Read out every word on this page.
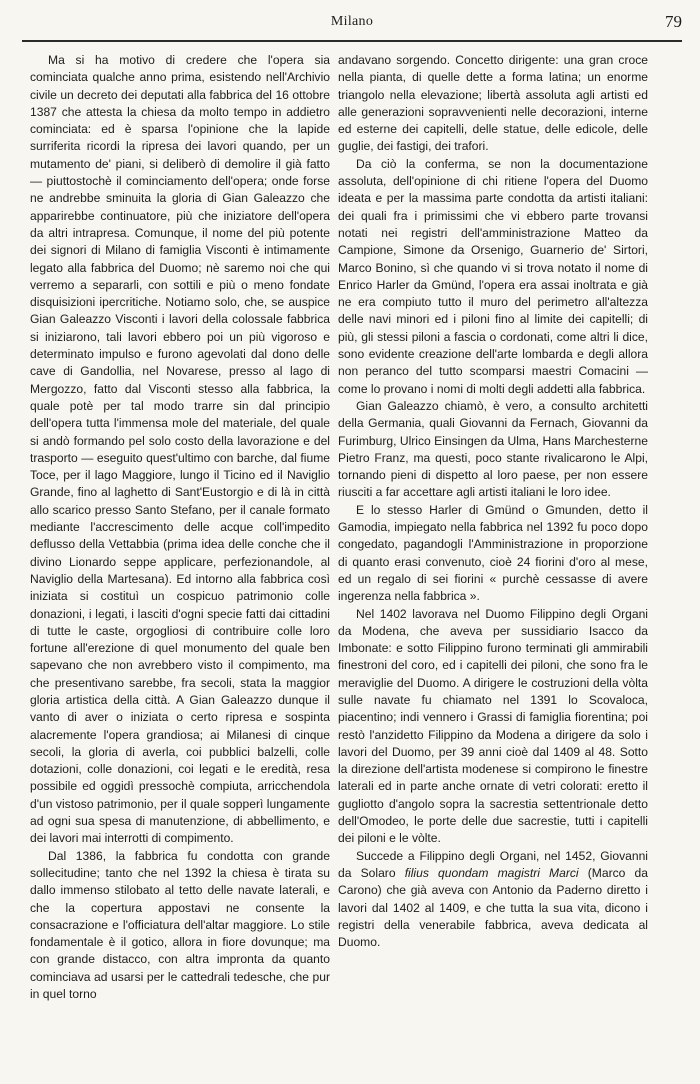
Milano	79

Ma si ha motivo di credere che l'opera sia cominciata qualche anno prima, esistendo nell'Archivio civile un decreto dei deputati alla fabbrica del 16 ottobre 1387 che attesta la chiesa da molto tempo in addietro cominciata: ed è sparsa l'opinione che la lapide surriferita ricordi la ripresa dei lavori quando, per un mutamento de' piani, si deliberò di demolire il già fatto — piuttostochè il cominciamento dell'opera; onde forse ne andrebbe sminuita la gloria di Gian Galeazzo che apparirebbe continuatore, più che iniziatore dell'opera da altri intrapresa. Comunque, il nome del più potente dei signori di Milano di famiglia Visconti è intimamente legato alla fabbrica del Duomo; nè saremo noi che qui verremo a separarli, con sottili e più o meno fondate disquisizioni ipercritiche. Notiamo solo, che, se auspice Gian Galeazzo Visconti i lavori della colossale fabbrica si iniziarono, tali lavori ebbero poi un più vigoroso e determinato impulso e furono agevolati dal dono delle cave di Gandollia, nel Novarese, presso al lago di Mergozzo, fatto dal Visconti stesso alla fabbrica, la quale potè per tal modo trarre sin dal principio dell'opera tutta l'immensa mole del materiale, del quale si andò formando pel solo costo della lavorazione e del trasporto — eseguito quest'ultimo con barche, dal fiume Toce, per il lago Maggiore, lungo il Ticino ed il Naviglio Grande, fino al laghetto di Sant'Eustorgio e di là in città allo scarico presso Santo Stefano, per il canale formato mediante l'accrescimento delle acque coll'impedito deflusso della Vettabbia (prima idea delle conche che il divino Lionardo seppe applicare, perfezionandole, al Naviglio della Martesana). Ed intorno alla fabbrica così iniziata si costituì un cospicuo patrimonio colle donazioni, i legati, i lasciti d'ogni specie fatti dai cittadini di tutte le caste, orgogliosi di contribuire colle loro fortune all'erezione di quel monumento del quale ben sapevano che non avrebbero visto il compimento, ma che presentivano sarebbe, fra secoli, stata la maggior gloria artistica della città. A Gian Galeazzo dunque il vanto di aver o iniziata o certo ripresa e sospinta alacremente l'opera grandiosa; ai Milanesi di cinque secoli, la gloria di averla, coi pubblici balzelli, colle dotazioni, colle donazioni, coi legati e le eredità, resa possibile ed oggidì pressochè compiuta, arricchendola d'un vistoso patrimonio, per il quale sopperì lungamente ad ogni sua spesa di manutenzione, di abbellimento, e dei lavori mai interrotti di compimento.

Dal 1386, la fabbrica fu condotta con grande sollecitudine; tanto che nel 1392 la chiesa è tirata su dallo immenso stilobato al tetto delle navate laterali, e che la copertura appostavi ne consente la consacrazione e l'officiatura dell'altar maggiore. Lo stile fondamentale è il gotico, allora in fiore dovunque; ma con grande distacco, con altra impronta da quanto cominciava ad usarsi per le cattedrali tedesche, che pur in quel torno

andavano sorgendo. Concetto dirigente: una gran croce nella pianta, di quelle dette a forma latina; un enorme triangolo nella elevazione; libertà assoluta agli artisti ed alle generazioni sopravvenienti nelle decorazioni, interne ed esterne dei capitelli, delle statue, delle edicole, delle guglie, dei fastigi, dei trafori.

Da ciò la conferma, se non la documentazione assoluta, dell'opinione di chi ritiene l'opera del Duomo ideata e per la massima parte condotta da artisti italiani: dei quali fra i primissimi che vi ebbero parte trovansi notati nei registri dell'amministrazione Matteo da Campione, Simone da Orsenigo, Guarnerio de' Sirtori, Marco Bonino, sì che quando vi si trova notato il nome di Enrico Harler da Gmünd, l'opera era assai inoltrata e già ne era compiuto tutto il muro del perimetro all'altezza delle navi minori ed i piloni fino al limite dei capitelli; di più, gli stessi piloni a fascia o cordonati, come altri li dice, sono evidente creazione dell'arte lombarda e degli allora non peranco del tutto scomparsi maestri Comacini — come lo provano i nomi di molti degli addetti alla fabbrica.

Gian Galeazzo chiamò, è vero, a consulto architetti della Germania, quali Giovanni da Fernach, Giovanni da Furimburg, Ulrico Einsingen da Ulma, Hans Marchesterne Pietro Franz, ma questi, poco stante rivalicarono le Alpi, tornando pieni di dispetto al loro paese, per non essere riusciti a far accettare agli artisti italiani le loro idee.

E lo stesso Harler di Gmünd o Gmunden, detto il Gamodia, impiegato nella fabbrica nel 1392 fu poco dopo congedato, pagandogli l'Amministrazione in proporzione di quanto erasi convenuto, cioè 24 fiorini d'oro al mese, ed un regalo di sei fiorini « purchè cessasse di avere ingerenza nella fabbrica ».

Nel 1402 lavorava nel Duomo Filippino degli Organi da Modena, che aveva per sussidiario Isacco da Imbonate: e sotto Filippino furono terminati gli ammirabili finestroni del coro, ed i capitelli dei piloni, che sono fra le meraviglie del Duomo. A dirigere le costruzioni della vòlta sulle navate fu chiamato nel 1391 lo Scovaloca, piacentino; indi vennero i Grassi di famiglia fiorentina; poi restò l'anzidetto Filippino da Modena a dirigere da solo i lavori del Duomo, per 39 anni cioè dal 1409 al 48. Sotto la direzione dell'artista modenese si compirono le finestre laterali ed in parte anche ornate di vetri colorati: eretto il gugliotto d'angolo sopra la sacrestia settentrionale detto dell'Omodeo, le porte delle due sacrestie, tutti i capitelli dei piloni e le vòlte.

Succede a Filippino degli Organi, nel 1452, Giovanni da Solaro filius quondam magistri Marci (Marco da Carono) che già aveva con Antonio da Paderno diretto i lavori dal 1402 al 1409, e che tutta la sua vita, dicono i registri della venerabile fabbrica, aveva dedicata al Duomo.
